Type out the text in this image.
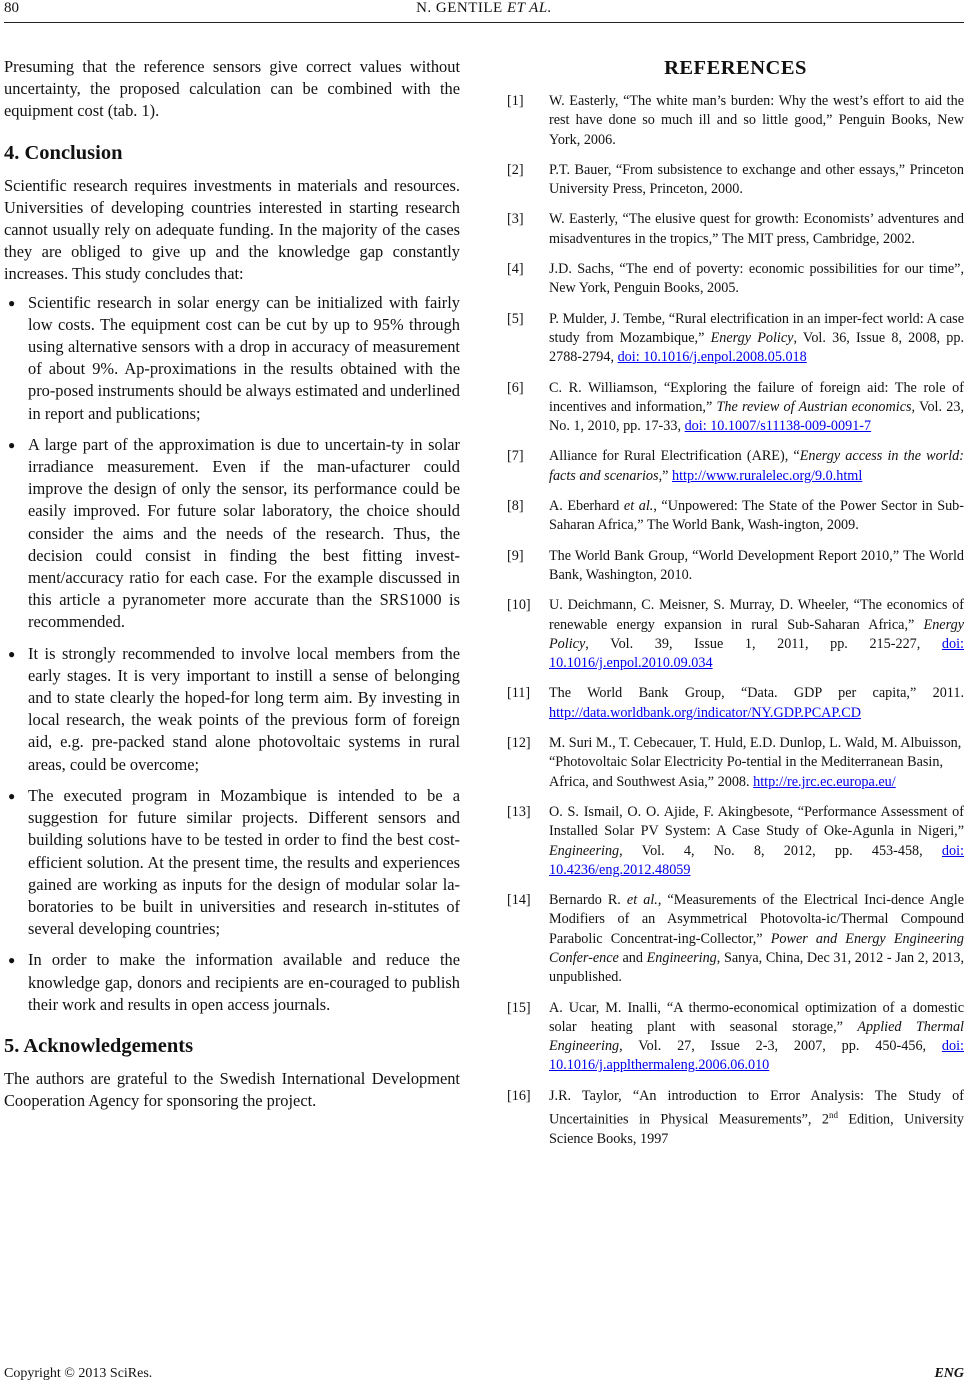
80	N. GENTILE ET AL.

Presuming that the reference sensors give correct values without uncertainty, the proposed calculation can be combined with the equipment cost (tab. 1).

4. Conclusion

Scientific research requires investments in materials and resources. Universities of developing countries interested in starting research cannot usually rely on adequate funding. In the majority of the cases they are obliged to give up and the knowledge gap constantly increases. This study concludes that:

● Scientific research in solar energy can be initialized with fairly low costs. The equipment cost can be cut by up to 95% through using alternative sensors with a drop in accuracy of measurement of about 9%. Ap-proximations in the results obtained with the pro-posed instruments should be always estimated and underlined in report and publications;
● A large part of the approximation is due to uncertain-ty in solar irradiance measurement. Even if the man-ufacturer could improve the design of only the sensor, its performance could be easily improved. For future solar laboratory, the choice should consider the aims and the needs of the research. Thus, the decision could consist in finding the best fitting invest-ment/accuracy ratio for each case. For the example discussed in this article a pyranometer more accurate than the SRS1000 is recommended.
● It is strongly recommended to involve local members from the early stages. It is very important to instill a sense of belonging and to state clearly the hoped-for long term aim. By investing in local research, the weak points of the previous form of foreign aid, e.g. pre-packed stand alone photovoltaic systems in rural areas, could be overcome;
● The executed program in Mozambique is intended to be a suggestion for future similar projects. Different sensors and building solutions have to be tested in order to find the best cost-efficient solution. At the present time, the results and experiences gained are working as inputs for the design of modular solar la-boratories to be built in universities and research in-stitutes of several developing countries;
● In order to make the information available and reduce the knowledge gap, donors and recipients are en-couraged to publish their work and results in open access journals.
5. Acknowledgements

The authors are grateful to the Swedish International Development Cooperation Agency for sponsoring the project.

REFERENCES
[1]	W. Easterly, “The white man’s burden: Why the west’s effort to aid the rest have done so much ill and so little good,” Penguin Books, New York, 2006.
[2]	P.T. Bauer, “From subsistence to exchange and other essays,” Princeton University Press, Princeton, 2000.
[3]	W. Easterly, “The elusive quest for growth: Economists’ adventures and misadventures in the tropics,” The MIT press, Cambridge, 2002.
[4]	J.D. Sachs, “The end of poverty: economic possibilities for our time”, New York, Penguin Books, 2005.
[5]	P. Mulder, J. Tembe, “Rural electrification in an imper-fect world: A case study from Mozambique,” Energy Policy, Vol. 36, Issue 8, 2008, pp. 2788-2794, doi: 10.1016/j.enpol.2008.05.018
[6]	C. R. Williamson, “Exploring the failure of foreign aid: The role of incentives and information,” The review of Austrian economics, Vol. 23, No. 1, 2010, pp. 17-33, doi: 10.1007/s11138-009-0091-7
[7]	Alliance for Rural Electrification (ARE), “Energy access in the world: facts and scenarios,” http://www.ruralelec.org/9.0.html
[8]	A. Eberhard et al., “Unpowered: The State of the Power Sector in Sub-Saharan Africa,” The World Bank, Wash-ington, 2009.
[9]	The World Bank Group, “World Development Report 2010,” The World Bank, Washington, 2010.
[10]	U. Deichmann, C. Meisner, S. Murray, D. Wheeler, “The economics of renewable energy expansion in rural Sub-Saharan Africa,” Energy Policy, Vol. 39, Issue 1, 2011, pp. 215-227, doi: 10.1016/j.enpol.2010.09.034
[11]	The World Bank Group, “Data. GDP per capita,” 2011. http://data.worldbank.org/indicator/NY.GDP.PCAP.CD
[12]	M. Suri M., T. Cebecauer, T. Huld, E.D. Dunlop, L. Wald, M. Albuisson, “Photovoltaic Solar Electricity Po-tential in the Mediterranean Basin, Africa, and Southwest Asia,” 2008. http://re.jrc.ec.europa.eu/
[13]	O. S. Ismail, O. O. Ajide, F. Akingbesote, “Performance Assessment of Installed Solar PV System: A Case Study of Oke-Agunla in Nigeri,” Engineering, Vol. 4, No. 8, 2012, pp. 453-458, doi: 10.4236/eng.2012.48059
[14]	Bernardo R. et al., “Measurements of the Electrical Inci-dence Angle Modifiers of an Asymmetrical Photovolta-ic/Thermal Compound Parabolic Concentrat-ing-Collector,” Power and Energy Engineering Confer-ence and Engineering, Sanya, China, Dec 31, 2012 - Jan 2, 2013, unpublished.
[15]	A. Ucar, M. Inalli, “A thermo-economical optimization of a domestic solar heating plant with seasonal storage,” Applied Thermal Engineering, Vol. 27, Issue 2-3, 2007, pp. 450-456, doi: 10.1016/j.applthermaleng.2006.06.010
[16]	J.R. Taylor, “An introduction to Error Analysis: The Study of Uncertainities in Physical Measurements”, 2nd Edition, University Science Books, 1997
Copyright © 2013 SciRes.	ENG
